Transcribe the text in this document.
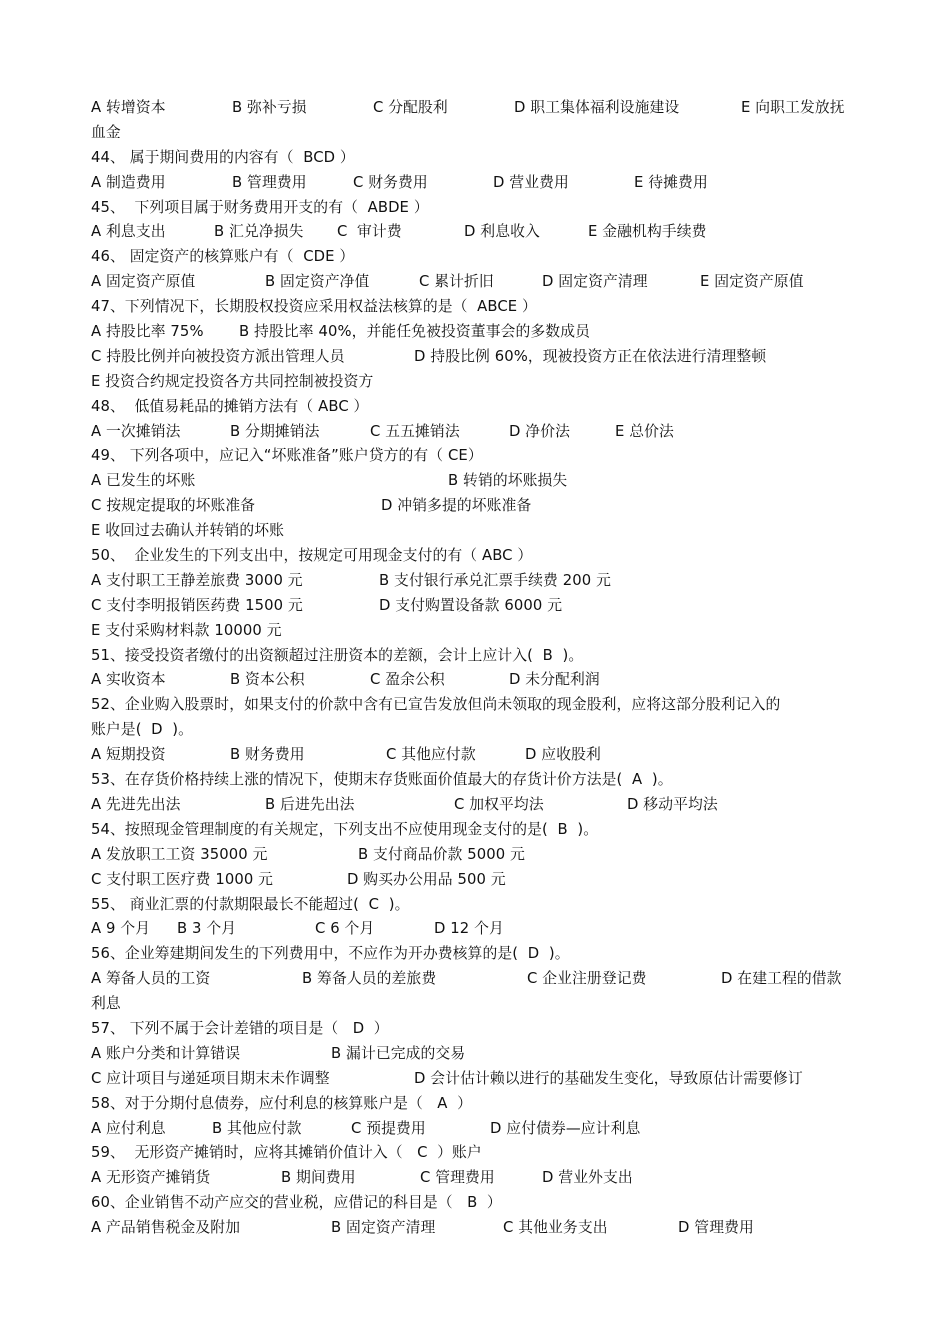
A 转增资本	B 弥补亏损	C 分配股利	D 职工集体福利设施建设	E 向职工发放抚
血金
44、 属于期间费用的内容有（  BCD ）
A 制造费用	B 管理费用	C 财务费用	D 营业费用	E 待摊费用
45、  下列项目属于财务费用开支的有（  ABDE ）
A 利息支出	B 汇兑净损失 C  审计费	D 利息收入	E 金融机构手续费
46、 固定资产的核算账户有（  CDE ）
A 固定资产原值	B 固定资产净值	C 累计折旧	D 固定资产清理	E 固定资产原值
47、下列情况下，长期股权投资应采用权益法核算的是（  ABCE ）
A 持股比率 75% B 持股比率 40%，并能任免被投资董事会的多数成员
C 持股比例并向被投资方派出管理人员	D 持股比例 60%，现被投资方正在依法进行清理整顿
E 投资合约规定投资各方共同控制被投资方
48、  低值易耗品的摊销方法有（ ABC ）
A 一次摊销法	B 分期摊销法	C 五五摊销法	D 净价法	E 总价法
49、 下列各项中，应记入“坏账准备”账户贷方的有（ CE）
A 已发生的坏账	B 转销的坏账损失
C 按规定提取的坏账准备	D 冲销多提的坏账准备
E 收回过去确认并转销的坏账
50、  企业发生的下列支出中，按规定可用现金支付的有（ ABC ）
A 支付职工王静差旅费 3000 元	B 支付银行承兑汇票手续费 200 元
C 支付李明报销医药费 1500 元	D 支付购置设备款 6000 元
E 支付采购材料款 10000 元
51、接受投资者缴付的出资额超过注册资本的差额，会计上应计入(  B  )。
A 实收资本	B 资本公积	C 盈余公积	D 未分配利润
52、企业购入股票时，如果支付的价款中含有已宣告发放但尚未领取的现金股利，应将这部分股利记入的
账户是(  D  )。
A 短期投资	B 财务费用	C 其他应付款	D 应收股利
53、在存货价格持续上涨的情况下，使期末存货账面价值最大的存货计价方法是(  A  )。
A 先进先出法	B 后进先出法	C 加权平均法	D 移动平均法
54、按照现金管理制度的有关规定，下列支出不应使用现金支付的是(  B  )。
A 发放职工工资 35000 元	B 支付商品价款 5000 元
C 支付职工医疗费 1000 元	D 购买办公用品 500 元
55、 商业汇票的付款期限最长不能超过(  C  )。
A 9 个月 B 3 个月	C 6 个月	D 12 个月
56、企业筹建期间发生的下列费用中，不应作为开办费核算的是(  D  )。
A 筹备人员的工资	B 筹备人员的差旅费	C 企业注册登记费	D 在建工程的借款
利息
57、 下列不属于会计差错的项目是（   D  ）
A 账户分类和计算错误	B 漏计已完成的交易
C 应计项目与递延项目期末未作调整	D 会计估计赖以进行的基础发生变化，导致原估计需要修订
58、对于分期付息债券，应付利息的核算账户是（   A  ）
A 应付利息	B 其他应付款	C 预提费用	D 应付债券—应计利息
59、  无形资产摊销时，应将其摊销价值计入（   C  ）账户
A 无形资产摊销货	B 期间费用	C 管理费用	D 营业外支出
60、企业销售不动产应交的营业税，应借记的科目是（   B  ）
A 产品销售税金及附加	B 固定资产清理	C 其他业务支出	D 管理费用
